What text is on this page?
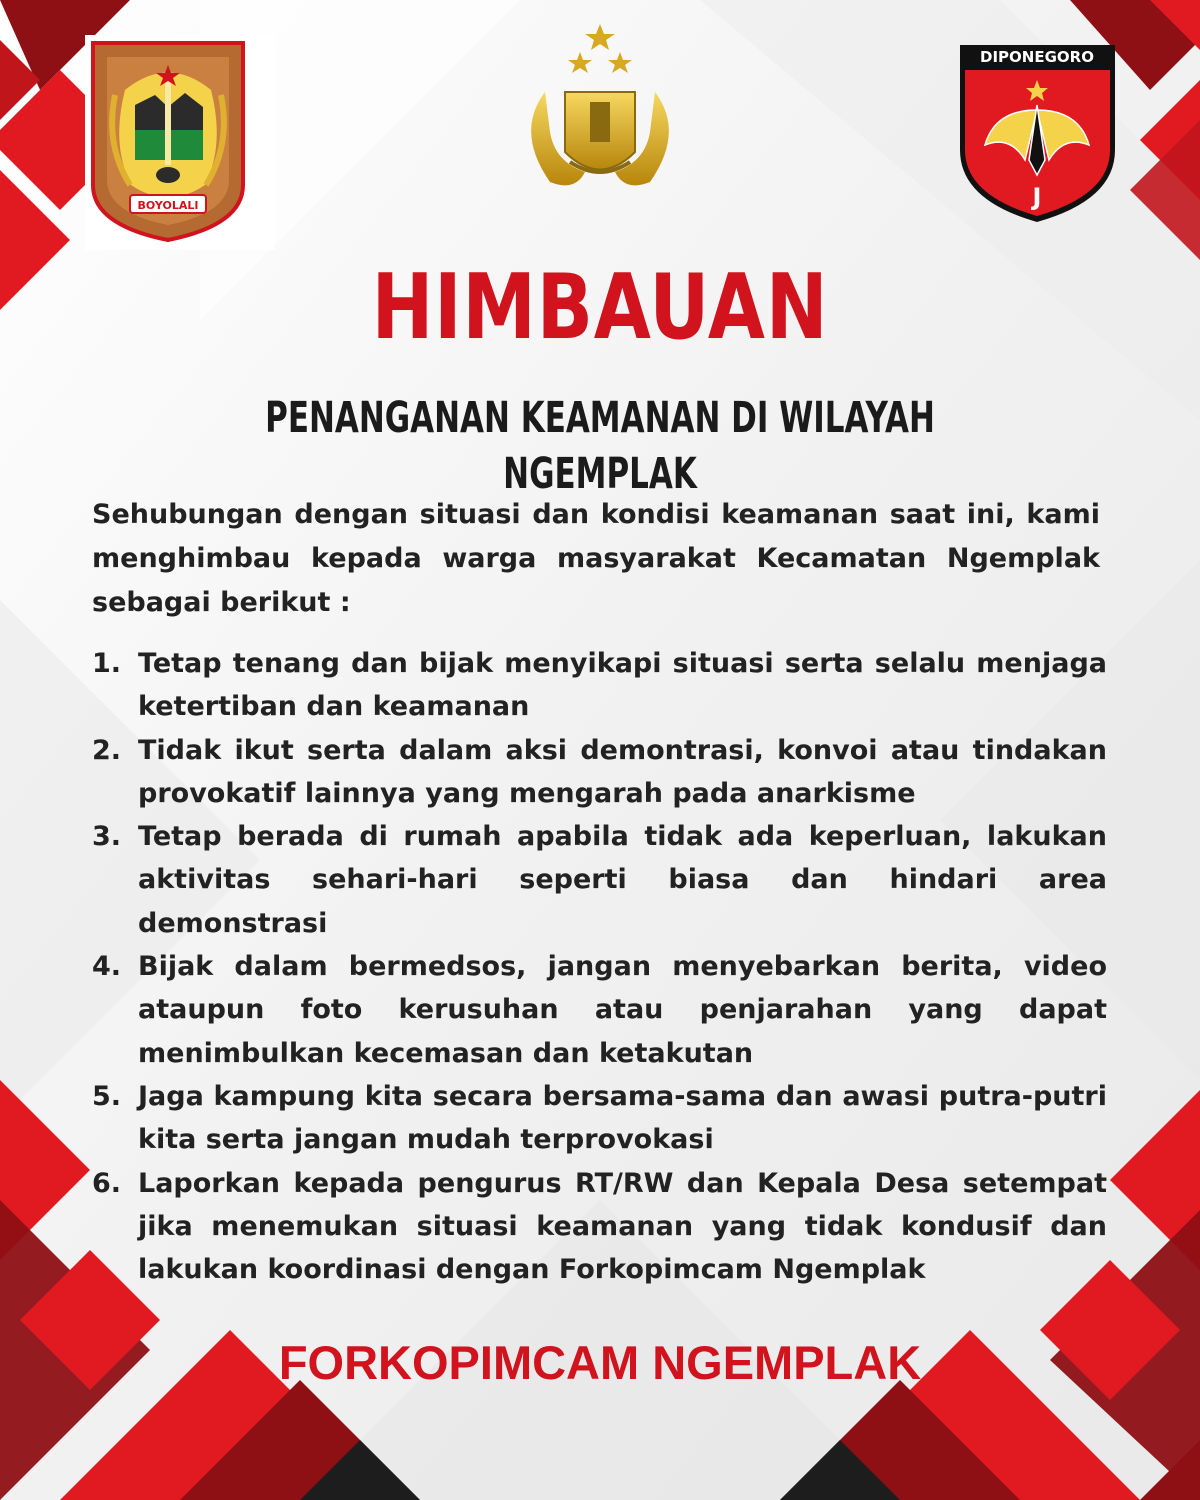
BOYOLALI
DIPONEGORO
J
HIMBAUAN
PENANGANAN KEAMANAN DI WILAYAH NGEMPLAK

Sehubungan dengan situasi dan kondisi keamanan saat ini, kami menghimbau kepada warga masyarakat Kecamatan Ngemplak sebagai berikut :

1. Tetap tenang dan bijak menyikapi situasi serta selalu menjaga ketertiban dan keamanan
2. Tidak ikut serta dalam aksi demontrasi, konvoi atau tindakan provokatif lainnya yang mengarah pada anarkisme
3. Tetap berada di rumah apabila tidak ada keperluan, lakukan aktivitas sehari-hari seperti biasa dan hindari area demonstrasi
4. Bijak dalam bermedsos, jangan menyebarkan berita, video ataupun foto kerusuhan atau penjarahan yang dapat menimbulkan kecemasan dan ketakutan
5. Jaga kampung kita secara bersama-sama dan awasi putra-putri kita serta jangan mudah terprovokasi
6. Laporkan kepada pengurus RT/RW dan Kepala Desa setempat jika menemukan situasi keamanan yang tidak kondusif dan lakukan koordinasi dengan Forkopimcam Ngemplak
FORKOPIMCAM NGEMPLAK
